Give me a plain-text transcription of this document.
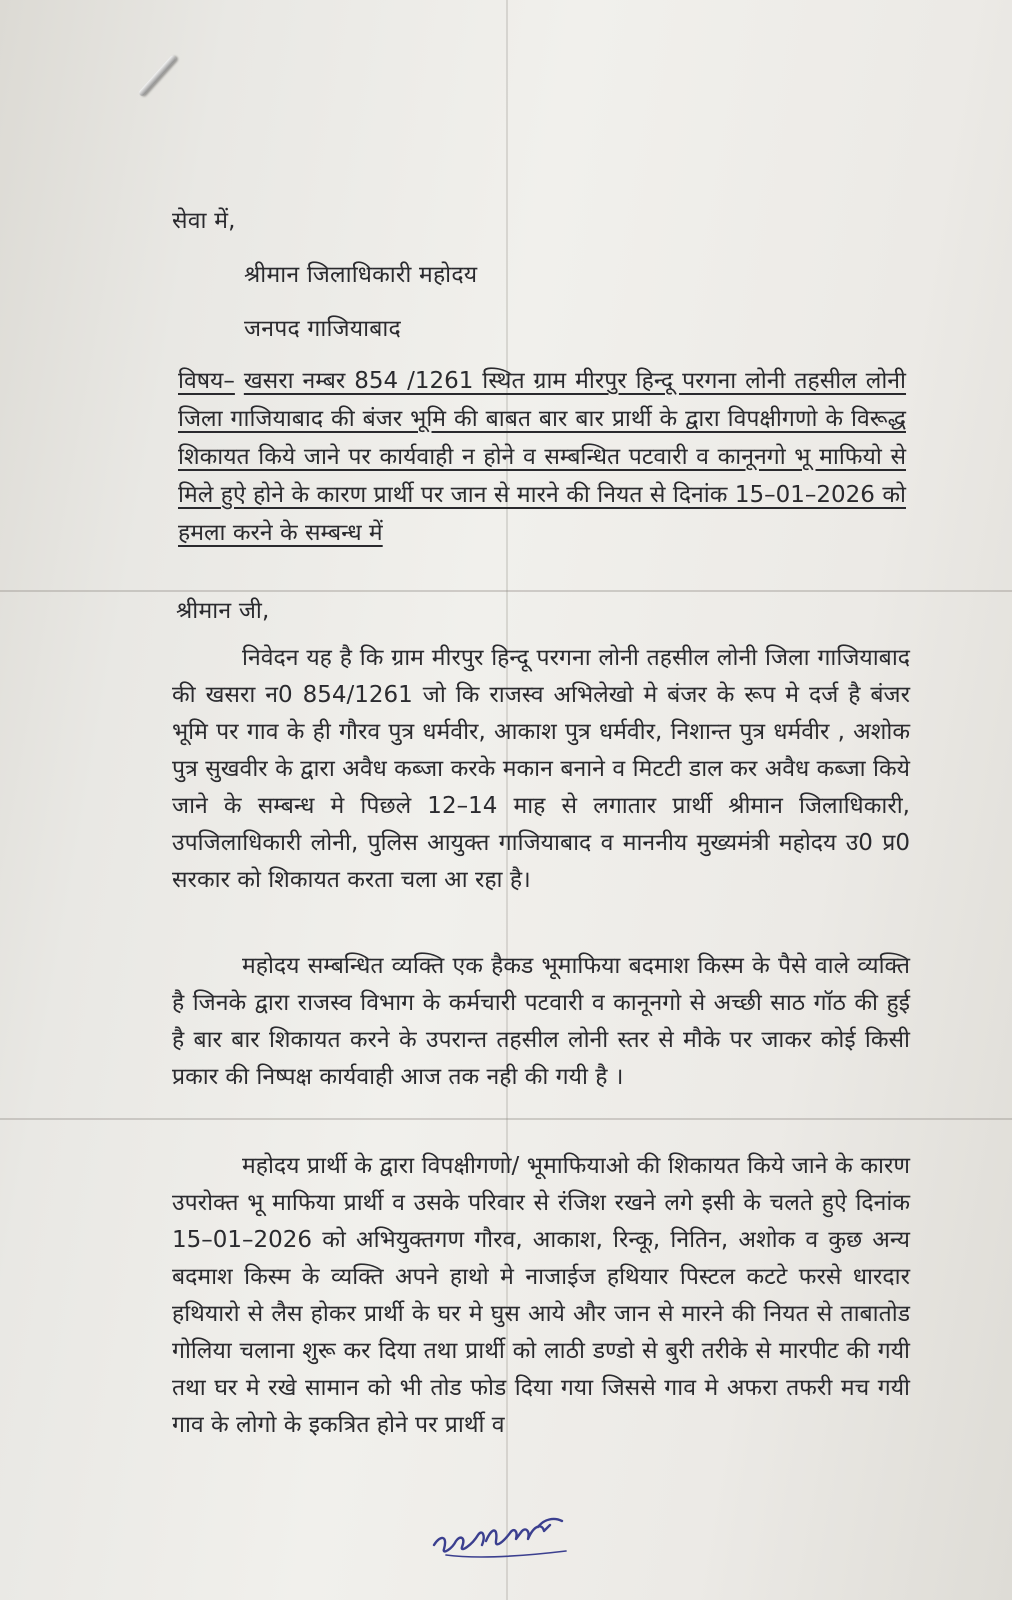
सेवा में,
श्रीमान जिलाधिकारी महोदय
जनपद गाजियाबाद
विषय– खसरा नम्बर 854 /1261 स्थित ग्राम मीरपुर हिन्दू परगना लोनी तहसील लोनी जिला गाजियाबाद की बंजर भूमि की बाबत बार बार प्रार्थी के द्वारा विपक्षीगणो के विरूद्ध शिकायत किये जाने पर कार्यवाही न होने व सम्बन्धित पटवारी व कानूनगो भू माफियो से मिले हुऐ होने के कारण प्रार्थी पर जान से मारने की नियत से दिनांक 15–01–2026 को हमला करने के सम्बन्ध में
श्रीमान जी,
निवेदन यह है कि ग्राम मीरपुर हिन्दू परगना लोनी तहसील लोनी जिला गाजियाबाद की खसरा न0 854/1261 जो कि राजस्व अभिलेखो मे बंजर के रूप मे दर्ज है बंजर भूमि पर गाव के ही गौरव पुत्र धर्मवीर, आकाश पुत्र धर्मवीर, निशान्त पुत्र धर्मवीर , अशोक पुत्र सुखवीर के द्वारा अवैध कब्जा करके मकान बनाने व मिटटी डाल कर अवैध कब्जा किये जाने के सम्बन्ध मे पिछले 12–14 माह से लगातार प्रार्थी श्रीमान जिलाधिकारी, उपजिलाधिकारी लोनी, पुलिस आयुक्त गाजियाबाद व माननीय मुख्यमंत्री महोदय उ0 प्र0 सरकार को शिकायत करता चला आ रहा है।
महोदय सम्बन्धित व्यक्ति एक हैकड भूमाफिया बदमाश किस्म के पैसे वाले व्यक्ति है जिनके द्वारा राजस्व विभाग के कर्मचारी पटवारी व कानूनगो से अच्छी साठ गॉठ की हुई है बार बार शिकायत करने के उपरान्त तहसील लोनी स्तर से मौके पर जाकर कोई किसी प्रकार की निष्पक्ष कार्यवाही आज तक नही की गयी है ।
महोदय प्रार्थी के द्वारा विपक्षीगणो/ भूमाफियाओ की शिकायत किये जाने के कारण उपरोक्त भू माफिया प्रार्थी व उसके परिवार से रंजिश रखने लगे इसी के चलते हुऐ दिनांक 15–01–2026 को अभियुक्तगण गौरव, आकाश, रिन्कू, नितिन, अशोक व कुछ अन्य बदमाश किस्म के व्यक्ति अपने हाथो मे नाजाईज हथियार पिस्टल कटटे फरसे धारदार हथियारो से लैस होकर प्रार्थी के घर मे घुस आये और जान से मारने की नियत से ताबातोड गोलिया चलाना शुरू कर दिया तथा प्रार्थी को लाठी डण्डो से बुरी तरीके से मारपीट की गयी तथा घर मे रखे सामान को भी तोड फोड दिया गया जिससे गाव मे अफरा तफरी मच गयी गाव के लोगो के इकत्रित होने पर प्रार्थी व
